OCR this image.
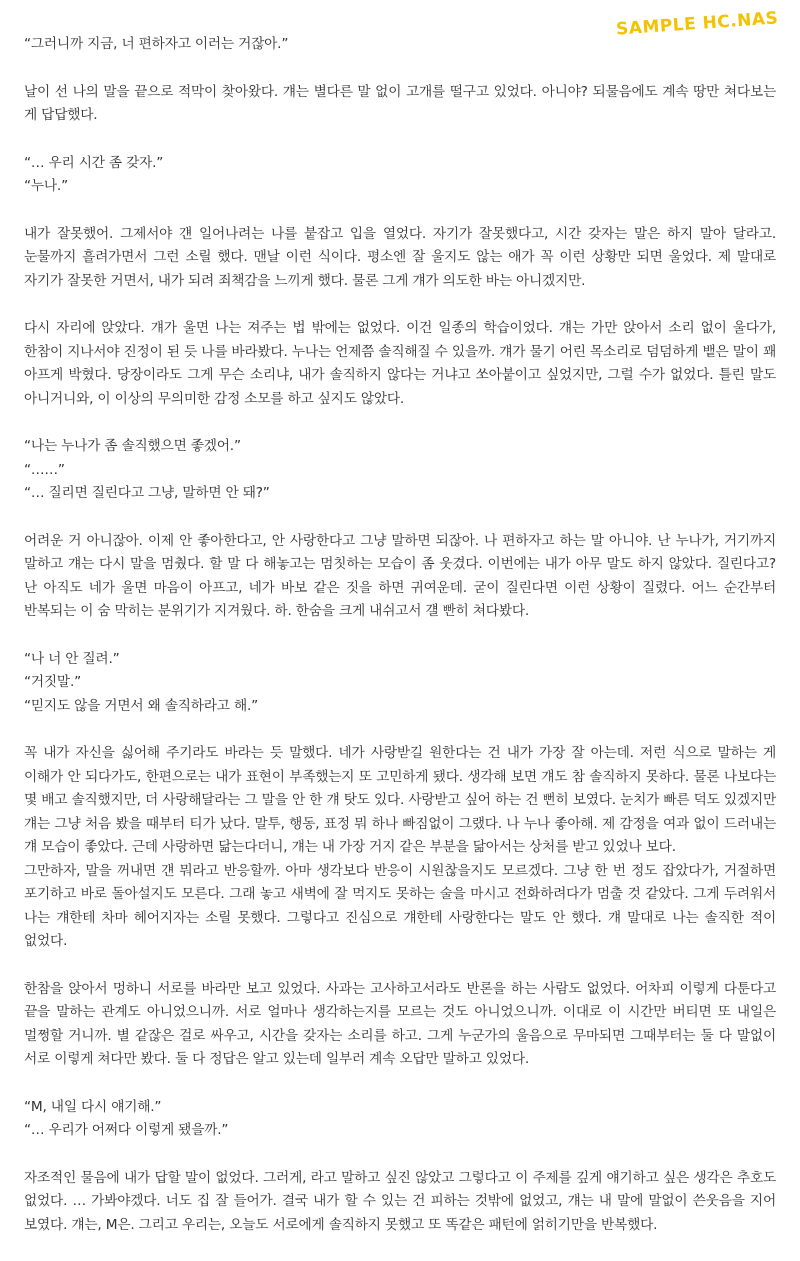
SAMPLE HC.NAS

“그러니까 지금, 너 편하자고 이러는 거잖아.”

날이 선 나의 말을 끝으로 적막이 찾아왔다. 걔는 별다른 말 없이 고개를 떨구고 있었다. 아니야? 되물음에도 계속 땅만 쳐다보는 게 답답했다.

“… 우리 시간 좀 갖자.”
“누나.”

내가 잘못했어. 그제서야 걘 일어나려는 나를 붙잡고 입을 열었다. 자기가 잘못했다고, 시간 갖자는 말은 하지 말아 달라고. 눈물까지 흘려가면서 그런 소릴 했다. 맨날 이런 식이다. 평소엔 잘 울지도 않는 애가 꼭 이런 상황만 되면 울었다. 제 말대로 자기가 잘못한 거면서, 내가 되려 죄책감을 느끼게 했다. 물론 그게 걔가 의도한 바는 아니겠지만.

다시 자리에 앉았다. 걔가 울면 나는 져주는 법 밖에는 없었다. 이건 일종의 학습이었다. 걔는 가만 앉아서 소리 없이 울다가, 한참이 지나서야 진정이 된 듯 나를 바라봤다. 누나는 언제쯤 솔직해질 수 있을까. 걔가 물기 어린 목소리로 덤덤하게 뱉은 말이 꽤 아프게 박혔다. 당장이라도 그게 무슨 소리냐, 내가 솔직하지 않다는 거냐고 쏘아붙이고 싶었지만, 그럴 수가 없었다. 틀린 말도 아니거니와, 이 이상의 무의미한 감정 소모를 하고 싶지도 않았다.

“나는 누나가 좀 솔직했으면 좋겠어.”
“……”
“… 질리면 질린다고 그냥, 말하면 안 돼?”

어려운 거 아니잖아. 이제 안 좋아한다고, 안 사랑한다고 그냥 말하면 되잖아. 나 편하자고 하는 말 아니야. 난 누나가, 거기까지 말하고 걔는 다시 말을 멈췄다. 할 말 다 해놓고는 멈칫하는 모습이 좀 웃겼다. 이번에는 내가 아무 말도 하지 않았다. 질린다고? 난 아직도 네가 울면 마음이 아프고, 네가 바보 같은 짓을 하면 귀여운데. 굳이 질린다면 이런 상황이 질렸다. 어느 순간부터 반복되는 이 숨 막히는 분위기가 지겨웠다. 하. 한숨을 크게 내쉬고서 걜 빤히 쳐다봤다.

“나 너 안 질려.”
“거짓말.”
“믿지도 않을 거면서 왜 솔직하라고 해.”

꼭 내가 자신을 싫어해 주기라도 바라는 듯 말했다. 네가 사랑받길 원한다는 건 내가 가장 잘 아는데. 저런 식으로 말하는 게 이해가 안 되다가도, 한편으로는 내가 표현이 부족했는지 또 고민하게 됐다. 생각해 보면 걔도 참 솔직하지 못하다. 물론 나보다는 몇 배고 솔직했지만, 더 사랑해달라는 그 말을 안 한 걔 탓도 있다. 사랑받고 싶어 하는 건 뻔히 보였다. 눈치가 빠른 덕도 있겠지만 걔는 그냥 처음 봤을 때부터 티가 났다. 말투, 행동, 표정 뭐 하나 빠짐없이 그랬다. 나 누나 좋아해. 제 감정을 여과 없이 드러내는 걔 모습이 좋았다. 근데 사랑하면 닮는다더니, 걔는 내 가장 거지 같은 부분을 닮아서는 상처를 받고 있었나 보다.
그만하자, 말을 꺼내면 걘 뭐라고 반응할까. 아마 생각보다 반응이 시원찮을지도 모르겠다. 그냥 한 번 정도 잡았다가, 거절하면 포기하고 바로 돌아설지도 모른다. 그래 놓고 새벽에 잘 먹지도 못하는 술을 마시고 전화하려다가 멈출 것 같았다. 그게 두려워서 나는 걔한테 차마 헤어지자는 소릴 못했다. 그렇다고 진심으로 걔한테 사랑한다는 말도 안 했다. 걔 말대로 나는 솔직한 적이 없었다.

한참을 앉아서 멍하니 서로를 바라만 보고 있었다. 사과는 고사하고서라도 반론을 하는 사람도 없었다. 어차피 이렇게 다툰다고 끝을 말하는 관계도 아니었으니까. 서로 얼마나 생각하는지를 모르는 것도 아니었으니까. 이대로 이 시간만 버티면 또 내일은 멀쩡할 거니까. 별 같잖은 걸로 싸우고, 시간을 갖자는 소리를 하고. 그게 누군가의 울음으로 무마되면 그때부터는 둘 다 말없이 서로 이렇게 쳐다만 봤다. 둘 다 정답은 알고 있는데 일부러 계속 오답만 말하고 있었다.

“M, 내일 다시 얘기해.”
“… 우리가 어쩌다 이렇게 됐을까.”

자조적인 물음에 내가 답할 말이 없었다. 그러게, 라고 말하고 싶진 않았고 그렇다고 이 주제를 깊게 얘기하고 싶은 생각은 추호도 없었다. … 가봐야겠다. 너도 집 잘 들어가. 결국 내가 할 수 있는 건 피하는 것밖에 없었고, 걔는 내 말에 말없이 쓴웃음을 지어 보였다. 걔는, M은. 그리고 우리는, 오늘도 서로에게 솔직하지 못했고 또 똑같은 패턴에 얽히기만을 반복했다.
